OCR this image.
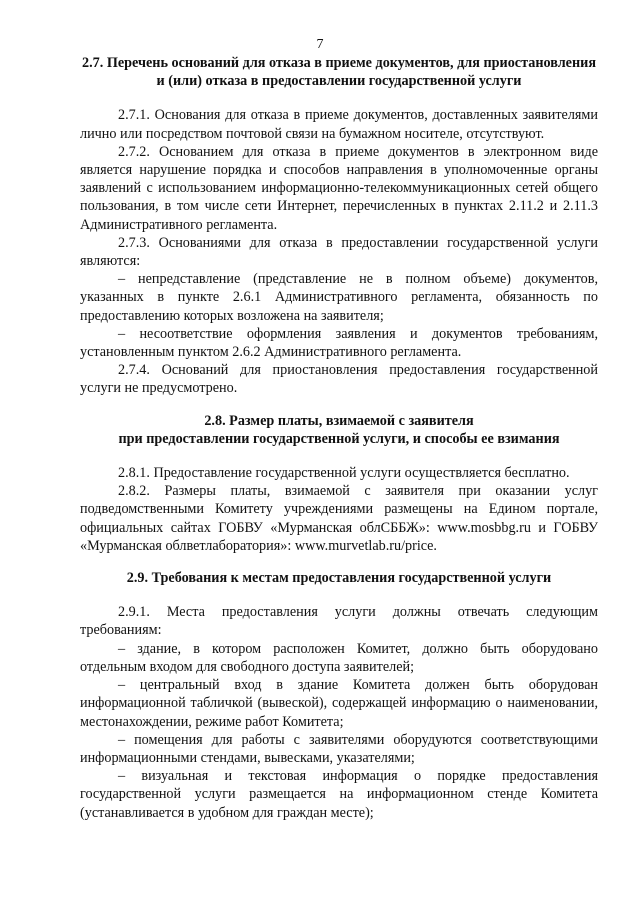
7
2.7. Перечень оснований для отказа в приеме документов, для приостановления и (или) отказа в предоставлении государственной услуги

2.7.1. Основания для отказа в приеме документов, доставленных заявителями лично или посредством почтовой связи на бумажном носителе, отсутствуют.

2.7.2. Основанием для отказа в приеме документов в электронном виде является нарушение порядка и способов направления в уполномоченные органы заявлений с использованием информационно-телекоммуникационных сетей общего пользования, в том числе сети Интернет, перечисленных в пунктах 2.11.2 и 2.11.3 Административного регламента.

2.7.3. Основаниями для отказа в предоставлении государственной услуги являются:

– непредставление (представление не в полном объеме) документов, указанных в пункте 2.6.1 Административного регламента, обязанность по предоставлению которых возложена на заявителя;

– несоответствие оформления заявления и документов требованиям, установленным пунктом 2.6.2 Административного регламента.

2.7.4. Оснований для приостановления предоставления государственной услуги не предусмотрено.

2.8. Размер платы, взимаемой с заявителя
при предоставлении государственной услуги, и способы ее взимания

2.8.1. Предоставление государственной услуги осуществляется бесплатно.

2.8.2. Размеры платы, взимаемой с заявителя при оказании услуг подведомственными Комитету учреждениями размещены на Едином портале, официальных сайтах ГОБВУ «Мурманская облСББЖ»: www.mosbbg.ru и ГОБВУ «Мурманская облветлаборатория»: www.murvetlab.ru/price.

2.9. Требования к местам предоставления государственной услуги

2.9.1. Места предоставления услуги должны отвечать следующим требованиям:

– здание, в котором расположен Комитет, должно быть оборудовано отдельным входом для свободного доступа заявителей;

– центральный вход в здание Комитета должен быть оборудован информационной табличкой (вывеской), содержащей информацию о наименовании, местонахождении, режиме работ Комитета;

– помещения для работы с заявителями оборудуются соответствующими информационными стендами, вывесками, указателями;

– визуальная и текстовая информация о порядке предоставления государственной услуги размещается на информационном стенде Комитета (устанавливается в удобном для граждан месте);
